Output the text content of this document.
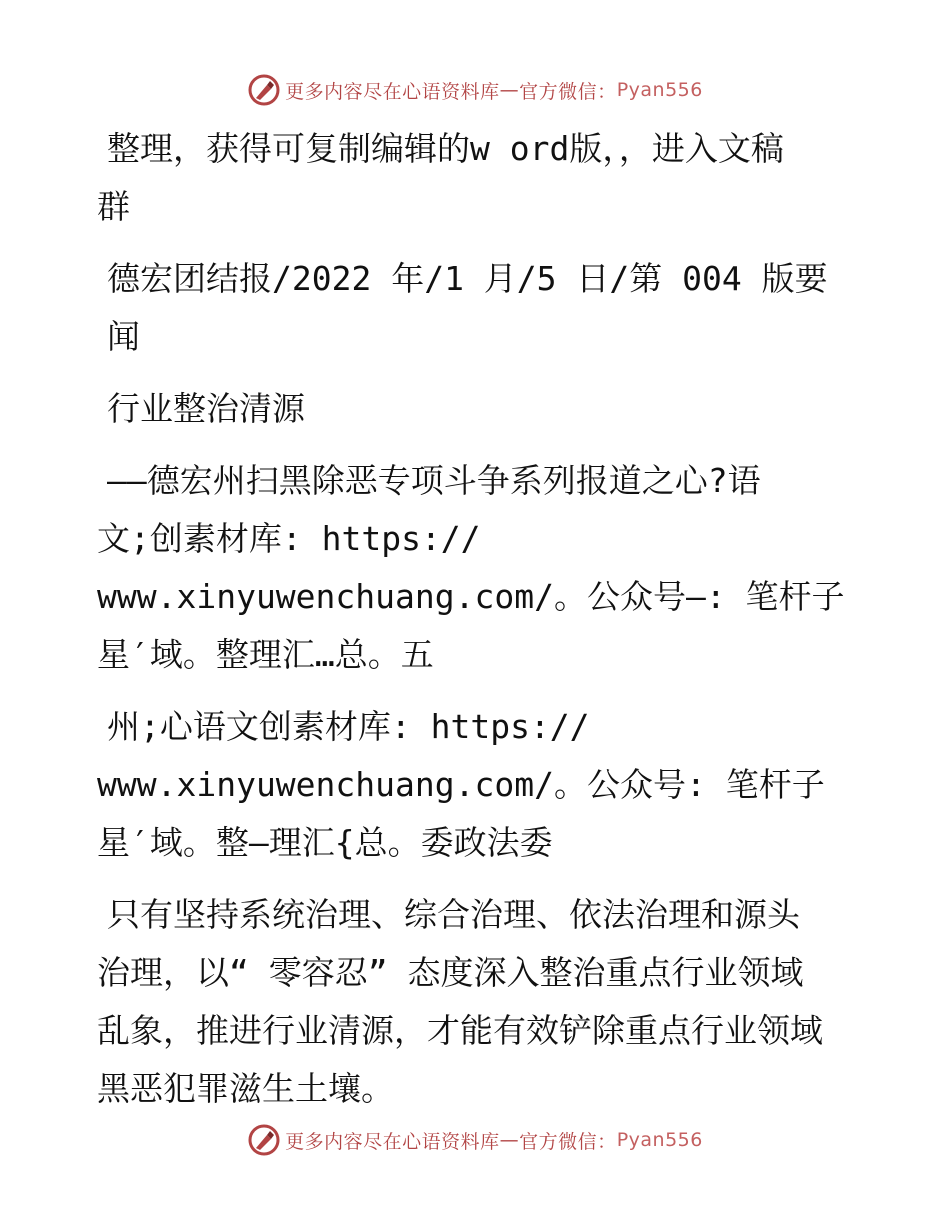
更多内容尽在心语资料库 — 官方微信： Pyan556

整理，获得可复制编辑的w ord版，，进入文稿

群

德宏团结报/2022 年/1 月/5 日/第 004 版要闻

行业整治清源

——德宏州扫黑除恶专项斗争系列报道之心?语

文;创素材库: https://

www.xinyuwenchuang.com/。公众号—: 笔杆子

星′域。整理汇…总。五

州;心语文创素材库: https://

www.xinyuwenchuang.com/。公众号: 笔杆子

星′域。整—理汇{总。委政法委

只有坚持系统治理、综合治理、依法治理和源头

治理，以“ 零容忍” 态度深入整治重点行业领域

乱象，推进行业清源，才能有效铲除重点行业领域

黑恶犯罪滋生土壤。

更多内容尽在心语资料库 — 官方微信： Pyan556
